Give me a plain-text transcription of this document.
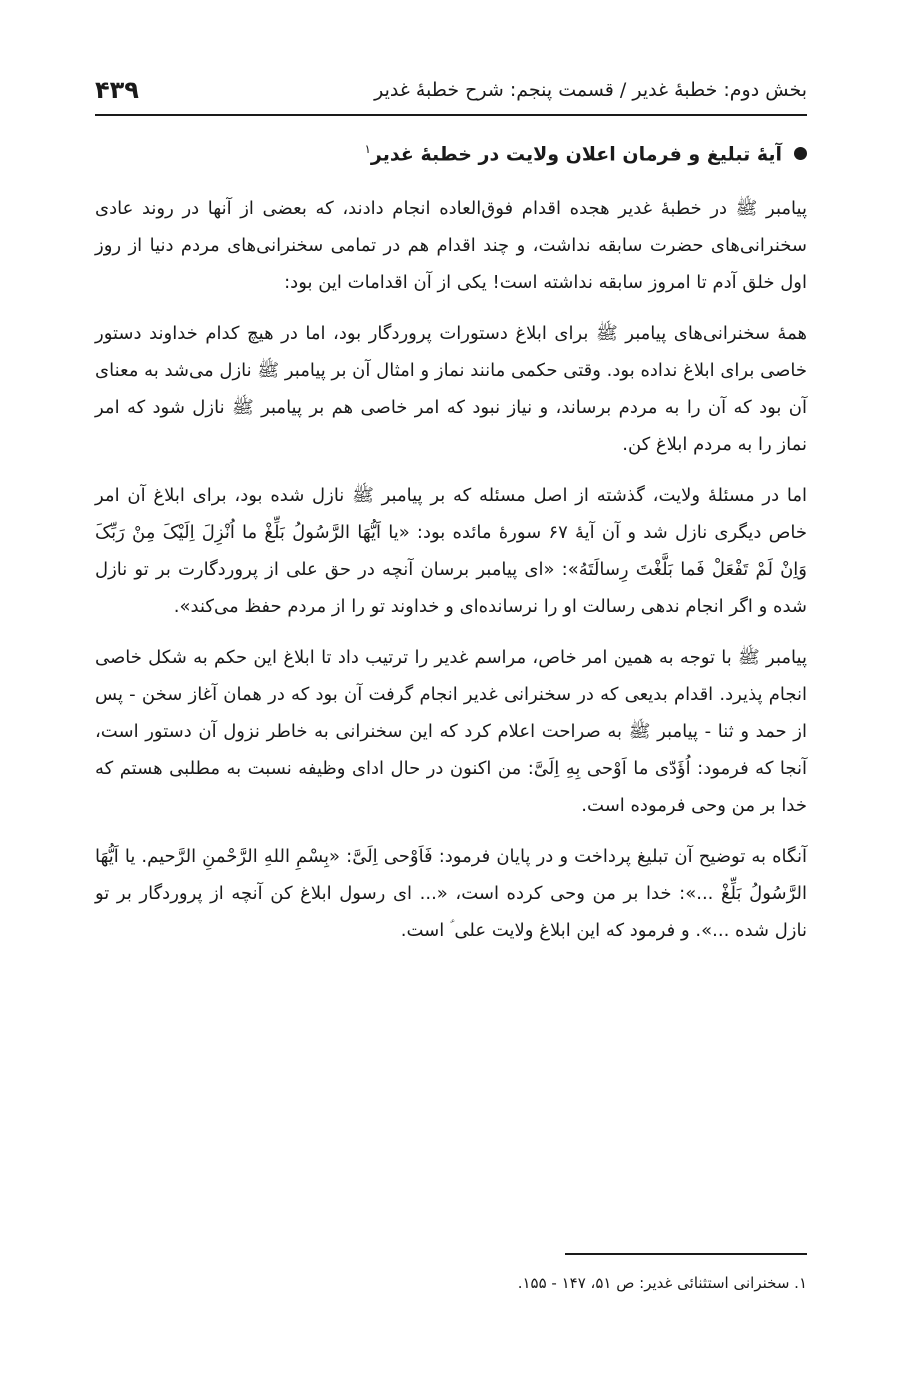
بخش دوم: خطبهٔ غدیر / قسمت پنجم: شرح خطبهٔ غدیر
۴۳۹
آیهٔ تبلیغ و فرمان اعلان ولایت در خطبهٔ غدیر$^۱$

پیامبر ﷺ در خطبهٔ غدیر هجده اقدام فوق‌العاده انجام دادند، که بعضی از آنها در روند عادی سخنرانی‌های حضرت سابقه نداشت، و چند اقدام هم در تمامی سخنرانی‌های مردم دنیا از روز اول خلق آدم تا امروز سابقه نداشته است! یکی از آن اقدامات این بود:

همهٔ سخنرانی‌های پیامبر ﷺ برای ابلاغ دستورات پروردگار بود، اما در هیچ کدام خداوند دستور خاصی برای ابلاغ نداده بود. وقتی حکمی مانند نماز و امثال آن بر پیامبر ﷺ نازل می‌شد به معنای آن بود که آن را به مردم برساند، و نیاز نبود که امر خاصی هم بر پیامبر ﷺ نازل شود که امر نماز را به مردم ابلاغ کن.

اما در مسئلهٔ ولایت، گذشته از اصل مسئله که بر پیامبر ﷺ نازل شده بود، برای ابلاغ آن امر خاص دیگری نازل شد و آن آیهٔ ۶۷ سورهٔ مائده بود: «یا اَیُّهَا الرَّسُولُ بَلِّغْ ما اُنْزِلَ اِلَیْکَ مِنْ رَبِّکَ وَاِنْ لَمْ تَفْعَلْ فَما بَلَّغْتَ رِسالَتَهُ»: «ای پیامبر برسان آنچه در حق علی از پروردگارت بر تو نازل شده و اگر انجام ندهی رسالت او را نرسانده‌ای و خداوند تو را از مردم حفظ می‌کند».

پیامبر ﷺ با توجه به همین امر خاص، مراسم غدیر را ترتیب داد تا ابلاغ این حکم به شکل خاصی انجام پذیرد. اقدام بدیعی که در سخنرانی غدیر انجام گرفت آن بود که در همان آغاز سخن - پس از حمد و ثنا - پیامبر ﷺ به صراحت اعلام کرد که این سخنرانی به خاطر نزول آن دستور است، آنجا که فرمود: اُؤَدّی ما اَوْحی بِهِ اِلَیَّ: من اکنون در حال ادای وظیفه نسبت به مطلبی هستم که خدا بر من وحی فرموده است.

آنگاه به توضیح آن تبلیغ پرداخت و در پایان فرمود: فَاَوْحی اِلَیَّ: «بِسْمِ اللهِ الرَّحْمنِ الرَّحیم. یا اَیُّهَا الرَّسُولُ بَلِّغْ ...»: خدا بر من وحی کرده است، «... ای رسول ابلاغ کن آنچه از پروردگار بر تو نازل شده ...». و فرمود که این ابلاغ ولایت علی ؑ است.

۱. سخنرانی استثنائی غدیر: ص ۵۱، ۱۴۷ - ۱۵۵.
